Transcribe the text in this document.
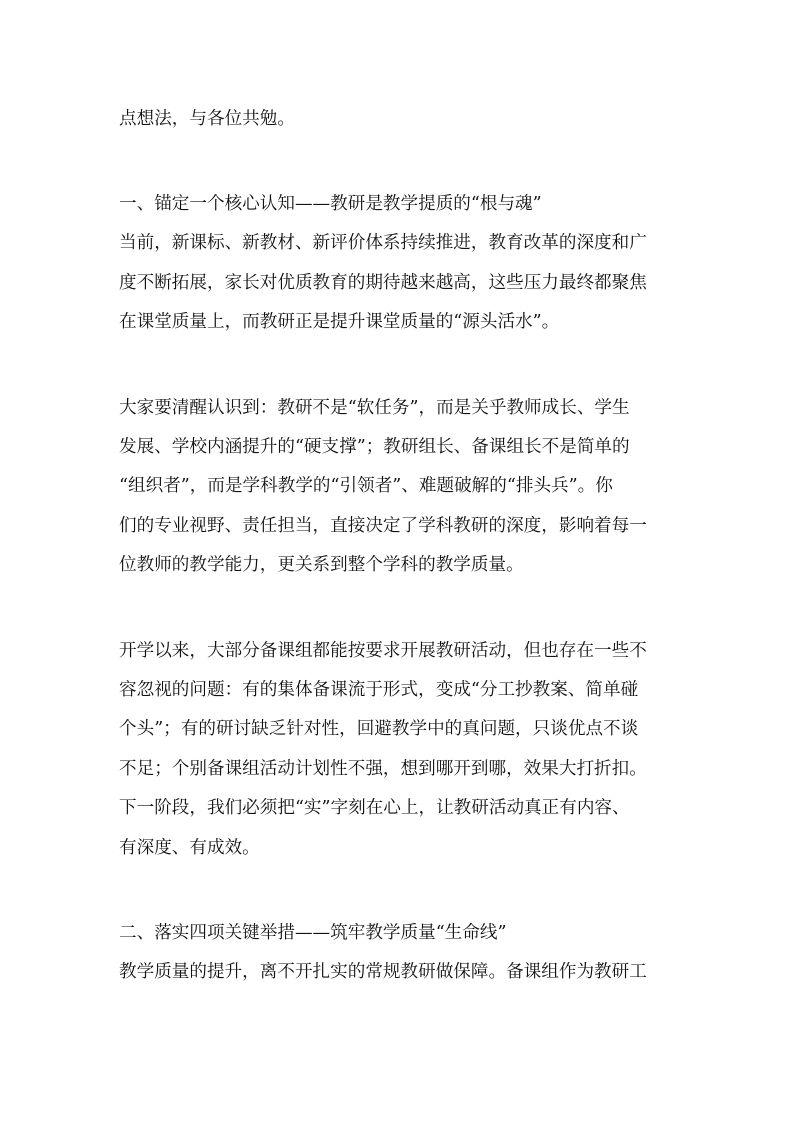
点想法，与各位共勉。
一、锚定一个核心认知——教研是教学提质的“根与魂”
当前，新课标、新教材、新评价体系持续推进，教育改革的深度和广
度不断拓展，家长对优质教育的期待越来越高，这些压力最终都聚焦
在课堂质量上，而教研正是提升课堂质量的“源头活水”。
大家要清醒认识到：教研不是“软任务”，而是关乎教师成长、学生
发展、学校内涵提升的“硬支撑”；教研组长、备课组长不是简单的
“组织者”，而是学科教学的“引领者”、难题破解的“排头兵”。你
们的专业视野、责任担当，直接决定了学科教研的深度，影响着每一
位教师的教学能力，更关系到整个学科的教学质量。
开学以来，大部分备课组都能按要求开展教研活动，但也存在一些不
容忽视的问题：有的集体备课流于形式，变成“分工抄教案、简单碰
个头”；有的研讨缺乏针对性，回避教学中的真问题，只谈优点不谈
不足；个别备课组活动计划性不强，想到哪开到哪，效果大打折扣。
下一阶段，我们必须把“实”字刻在心上，让教研活动真正有内容、
有深度、有成效。
二、落实四项关键举措——筑牢教学质量“生命线”
教学质量的提升，离不开扎实的常规教研做保障。备课组作为教研工
